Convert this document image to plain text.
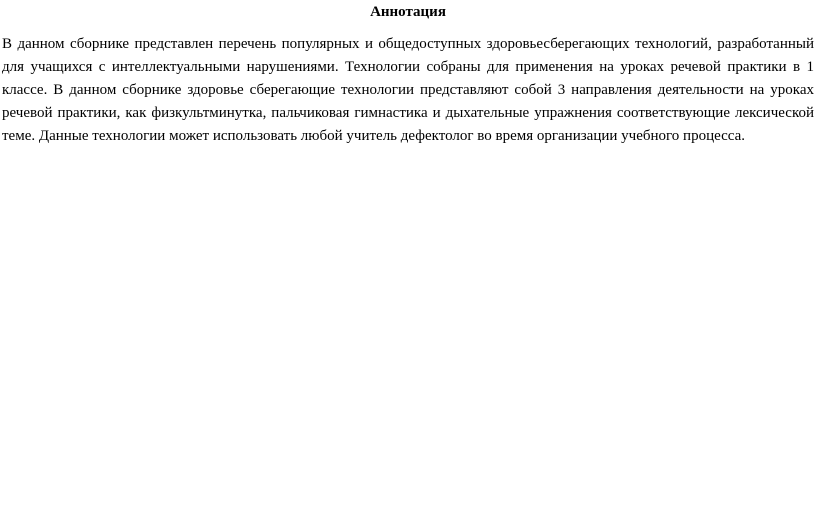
Аннотация

В данном сборнике представлен перечень популярных и общедоступных здоровьесберегающих технологий, разработанный для учащихся с интеллектуальными нарушениями. Технологии собраны для применения на уроках речевой практики в 1 классе. В данном сборнике здоровье сберегающие технологии представляют собой 3 направления деятельности на уроках речевой практики, как физкультминутка, пальчиковая гимнастика и дыхательные упражнения соответствующие лексической теме. Данные технологии может использовать любой учитель дефектолог во время организации учебного процесса.
